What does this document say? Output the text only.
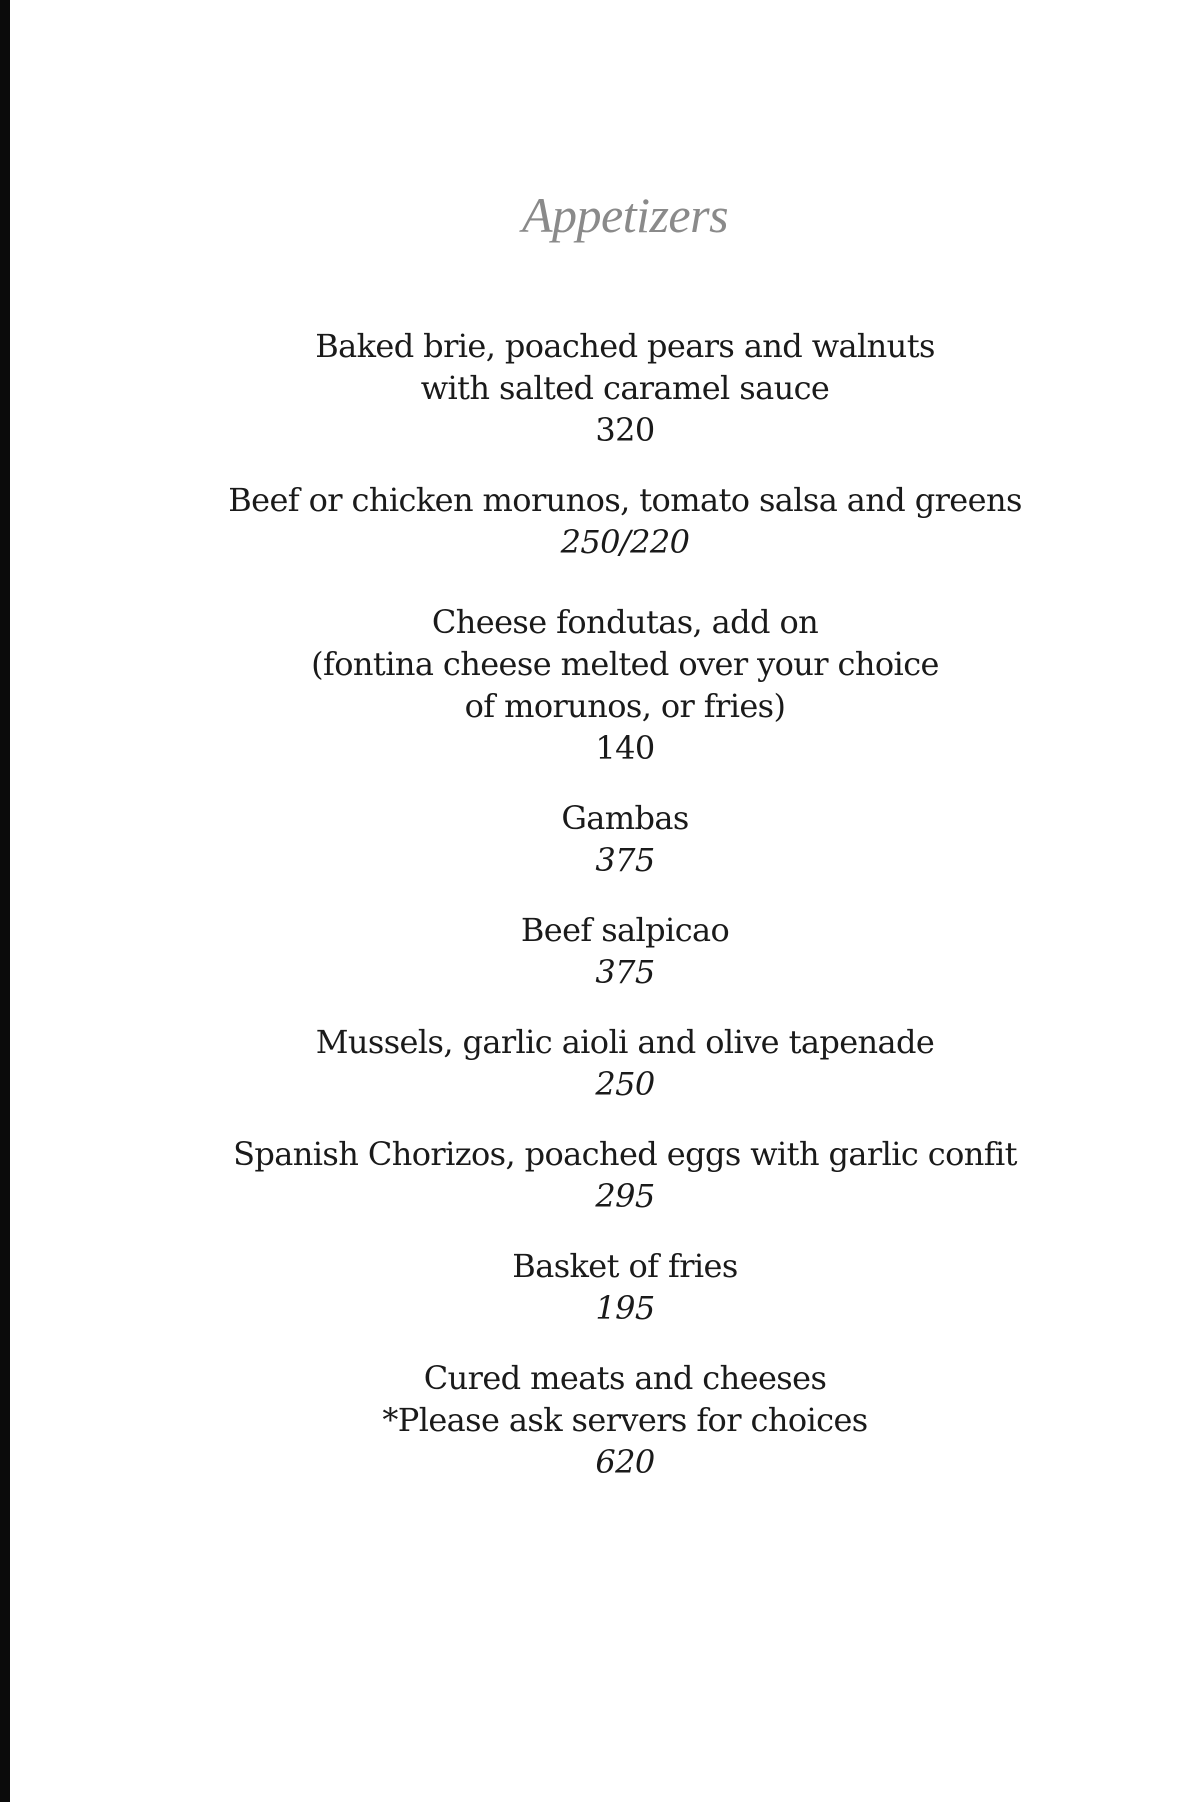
Appetizers
Baked brie, poached pears and walnuts
with salted caramel sauce
320
Beef or chicken morunos, tomato salsa and greens
250/220
Cheese fondutas, add on
(fontina cheese melted over your choice
of morunos, or fries)
140
Gambas
375
Beef salpicao
375
Mussels, garlic aioli and olive tapenade
250
Spanish Chorizos, poached eggs with garlic confit
295
Basket of fries
195
Cured meats and cheeses
*Please ask servers for choices
620
